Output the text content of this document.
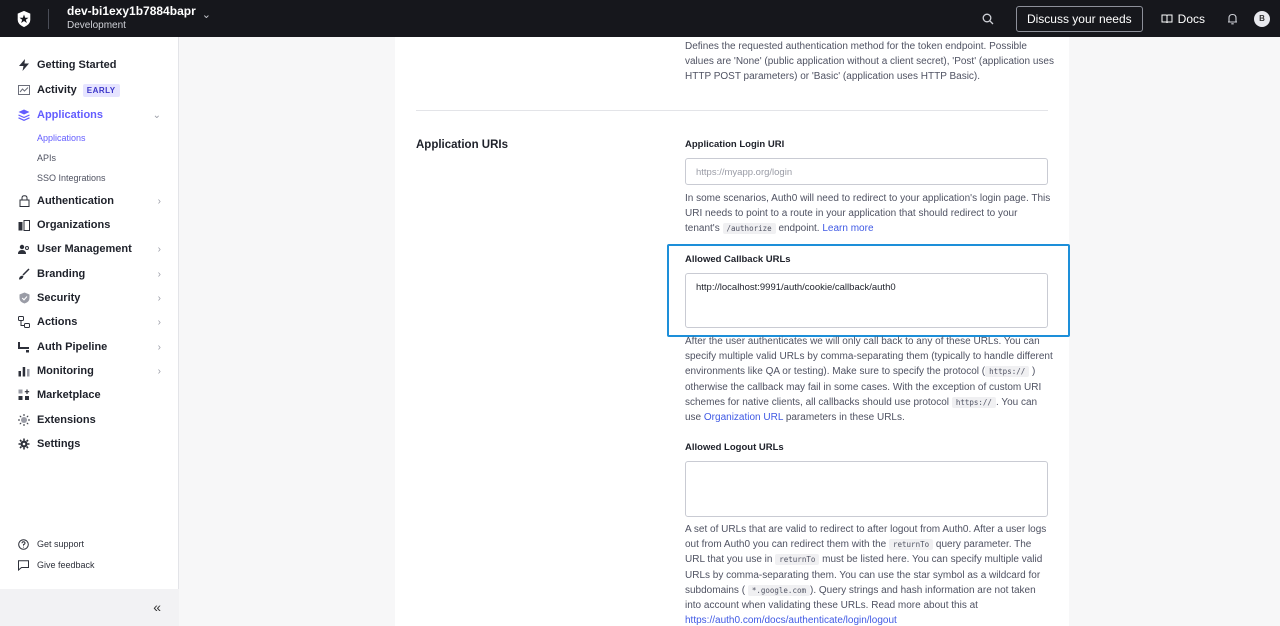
dev-bi1exy1b7884bapr
Development
⌄	Discuss your needs	Docs	B
Getting Started
Activity	EARLY
Applications	⌄
Applications
APIs
SSO Integrations
Authentication	›
Organizations
User Management	›
Branding	›
Security	›
Actions	›
Auth Pipeline	›
Monitoring	›
Marketplace
Extensions
Settings
Get support
Give feedback
«

Defines the requested authentication method for the token endpoint. Possible values are 'None' (public application without a client secret), 'Post' (application uses HTTP POST parameters) or 'Basic' (application uses HTTP Basic).

Application URIs	Application Login URI
https://myapp.org/login

In some scenarios, Auth0 will need to redirect to your application's login page. This URI needs to point to a route in your application that should redirect to your tenant's /authorize endpoint. Learn more

Allowed Callback URLs
http://localhost:9991/auth/cookie/callback/auth0

After the user authenticates we will only call back to any of these URLs. You can specify multiple valid URLs by comma-separating them (typically to handle different environments like QA or testing). Make sure to specify the protocol ( https:// ) otherwise the callback may fail in some cases. With the exception of custom URI schemes for native clients, all callbacks should use protocol https:// . You can use Organization URL parameters in these URLs.

Allowed Logout URLs

A set of URLs that are valid to redirect to after logout from Auth0. After a user logs out from Auth0 you can redirect them with the returnTo query parameter. The URL that you use in returnTo must be listed here. You can specify multiple valid URLs by comma-separating them. You can use the star symbol as a wildcard for subdomains ( *.google.com ). Query strings and hash information are not taken into account when validating these URLs. Read more about this at https://auth0.com/docs/authenticate/login/logout
